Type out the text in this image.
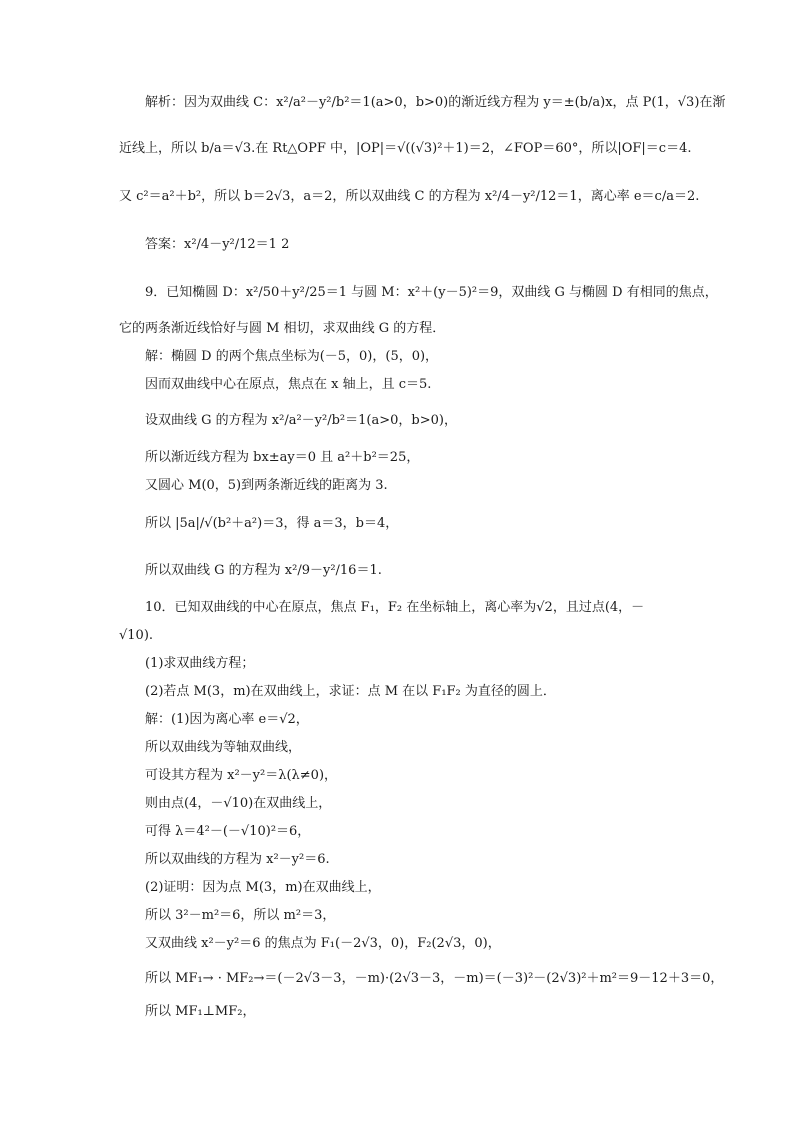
解析：因为双曲线 C：x²/a²－y²/b²＝1(a>0，b>0)的渐近线方程为 y＝±(b/a)x，点 P(1，√3)在渐
近线上，所以 b/a＝√3.在 Rt△OPF 中，|OP|＝√((√3)²＋1)＝2，∠FOP＝60°，所以|OF|＝c＝4.
又 c²＝a²＋b²，所以 b＝2√3，a＝2，所以双曲线 C 的方程为 x²/4－y²/12＝1，离心率 e＝c/a＝2.
答案：x²/4－y²/12＝1 2
9．已知椭圆 D：x²/50＋y²/25＝1 与圆 M：x²＋(y－5)²＝9，双曲线 G 与椭圆 D 有相同的焦点，
它的两条渐近线恰好与圆 M 相切，求双曲线 G 的方程．
解：椭圆 D 的两个焦点坐标为(－5，0)，(5，0)，
因而双曲线中心在原点，焦点在 x 轴上，且 c＝5.
设双曲线 G 的方程为 x²/a²－y²/b²＝1(a>0，b>0)，
所以渐近线方程为 bx±ay＝0 且 a²＋b²＝25，
又圆心 M(0，5)到两条渐近线的距离为 3.
所以 |5a|/√(b²＋a²)＝3，得 a＝3，b＝4，
所以双曲线 G 的方程为 x²/9－y²/16＝1.
10．已知双曲线的中心在原点，焦点 F₁，F₂ 在坐标轴上，离心率为√2，且过点(4，－
√10).
(1)求双曲线方程；
(2)若点 M(3，m)在双曲线上，求证：点 M 在以 F₁F₂ 为直径的圆上．
解：(1)因为离心率 e＝√2，
所以双曲线为等轴双曲线，
可设其方程为 x²－y²＝λ(λ≠0)，
则由点(4，－√10)在双曲线上，
可得 λ＝4²－(－√10)²＝6，
所以双曲线的方程为 x²－y²＝6.
(2)证明：因为点 M(3，m)在双曲线上，
所以 3²－m²＝6，所以 m²＝3，
又双曲线 x²－y²＝6 的焦点为 F₁(－2√3，0)，F₂(2√3，0)，
所以 MF₁→ · MF₂→＝(－2√3－3，－m)·(2√3－3，－m)＝(－3)²－(2√3)²＋m²＝9－12＋3＝0，
所以 MF₁⊥MF₂，
